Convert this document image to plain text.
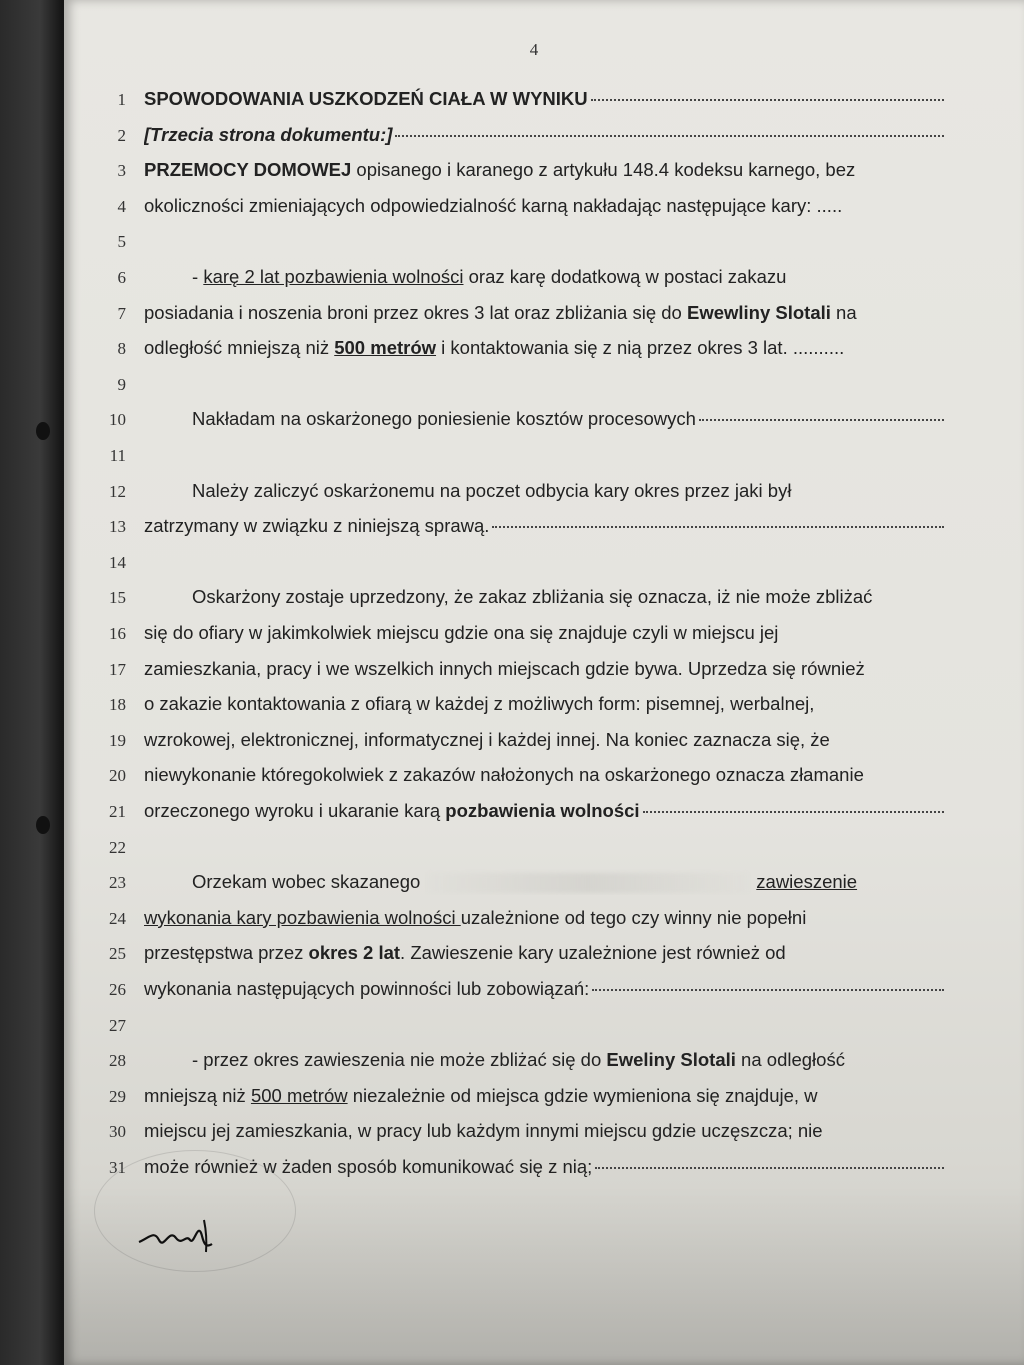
4
1 SPOWODOWANIA USZKODZEŃ CIAŁA W WYNIKU
2 [Trzecia strona dokumentu:]
3 PRZEMOCY DOMOWEJ opisanego i karanego z artykułu 148.4 kodeksu karnego, bez
4 okoliczności zmieniających odpowiedzialność karną nakładając następujące kary: .....
5
6	- karę 2 lat pozbawienia wolności oraz karę dodatkową w postaci zakazu
7 posiadania i noszenia broni przez okres 3 lat oraz zbliżania się do Ewewliny Slotali na
8 odległość mniejszą niż 500 metrów i kontaktowania się z nią przez okres 3 lat. ..........
9
10	Nakładam na oskarżonego poniesienie kosztów procesowych
11
12	Należy zaliczyć oskarżonemu na poczet odbycia kary okres przez jaki był
13 zatrzymany w związku z niniejszą sprawą.
14
15	Oskarżony zostaje uprzedzony, że zakaz zbliżania się oznacza, iż nie może zbliżać
16 się do ofiary w jakimkolwiek miejscu gdzie ona się znajduje czyli w miejscu jej
17 zamieszkania, pracy i we wszelkich innych miejscach gdzie bywa. Uprzedza się również
18 o zakazie kontaktowania z ofiarą w każdej z możliwych form: pisemnej, werbalnej,
19 wzrokowej, elektronicznej, informatycznej i każdej innej. Na koniec zaznacza się, że
20 niewykonanie któregokolwiek z zakazów nałożonych na oskarżonego oznacza złamanie
21 orzeczonego wyroku i ukaranie karą pozbawienia wolności
22
23	Orzekam wobec skazanego	zawieszenie
24 wykonania kary pozbawienia wolności uzależnione od tego czy winny nie popełni
25 przestępstwa przez okres 2 lat. Zawieszenie kary uzależnione jest również od
26 wykonania następujących powinności lub zobowiązań:
27
28	- przez okres zawieszenia nie może zbliżać się do Eweliny Slotali na odległość
29 mniejszą niż 500 metrów niezależnie od miejsca gdzie wymieniona się znajduje, w
30 miejscu jej zamieszkania, w pracy lub każdym innymi miejscu gdzie uczęszcza; nie
31 może również w żaden sposób komunikować się z nią;
